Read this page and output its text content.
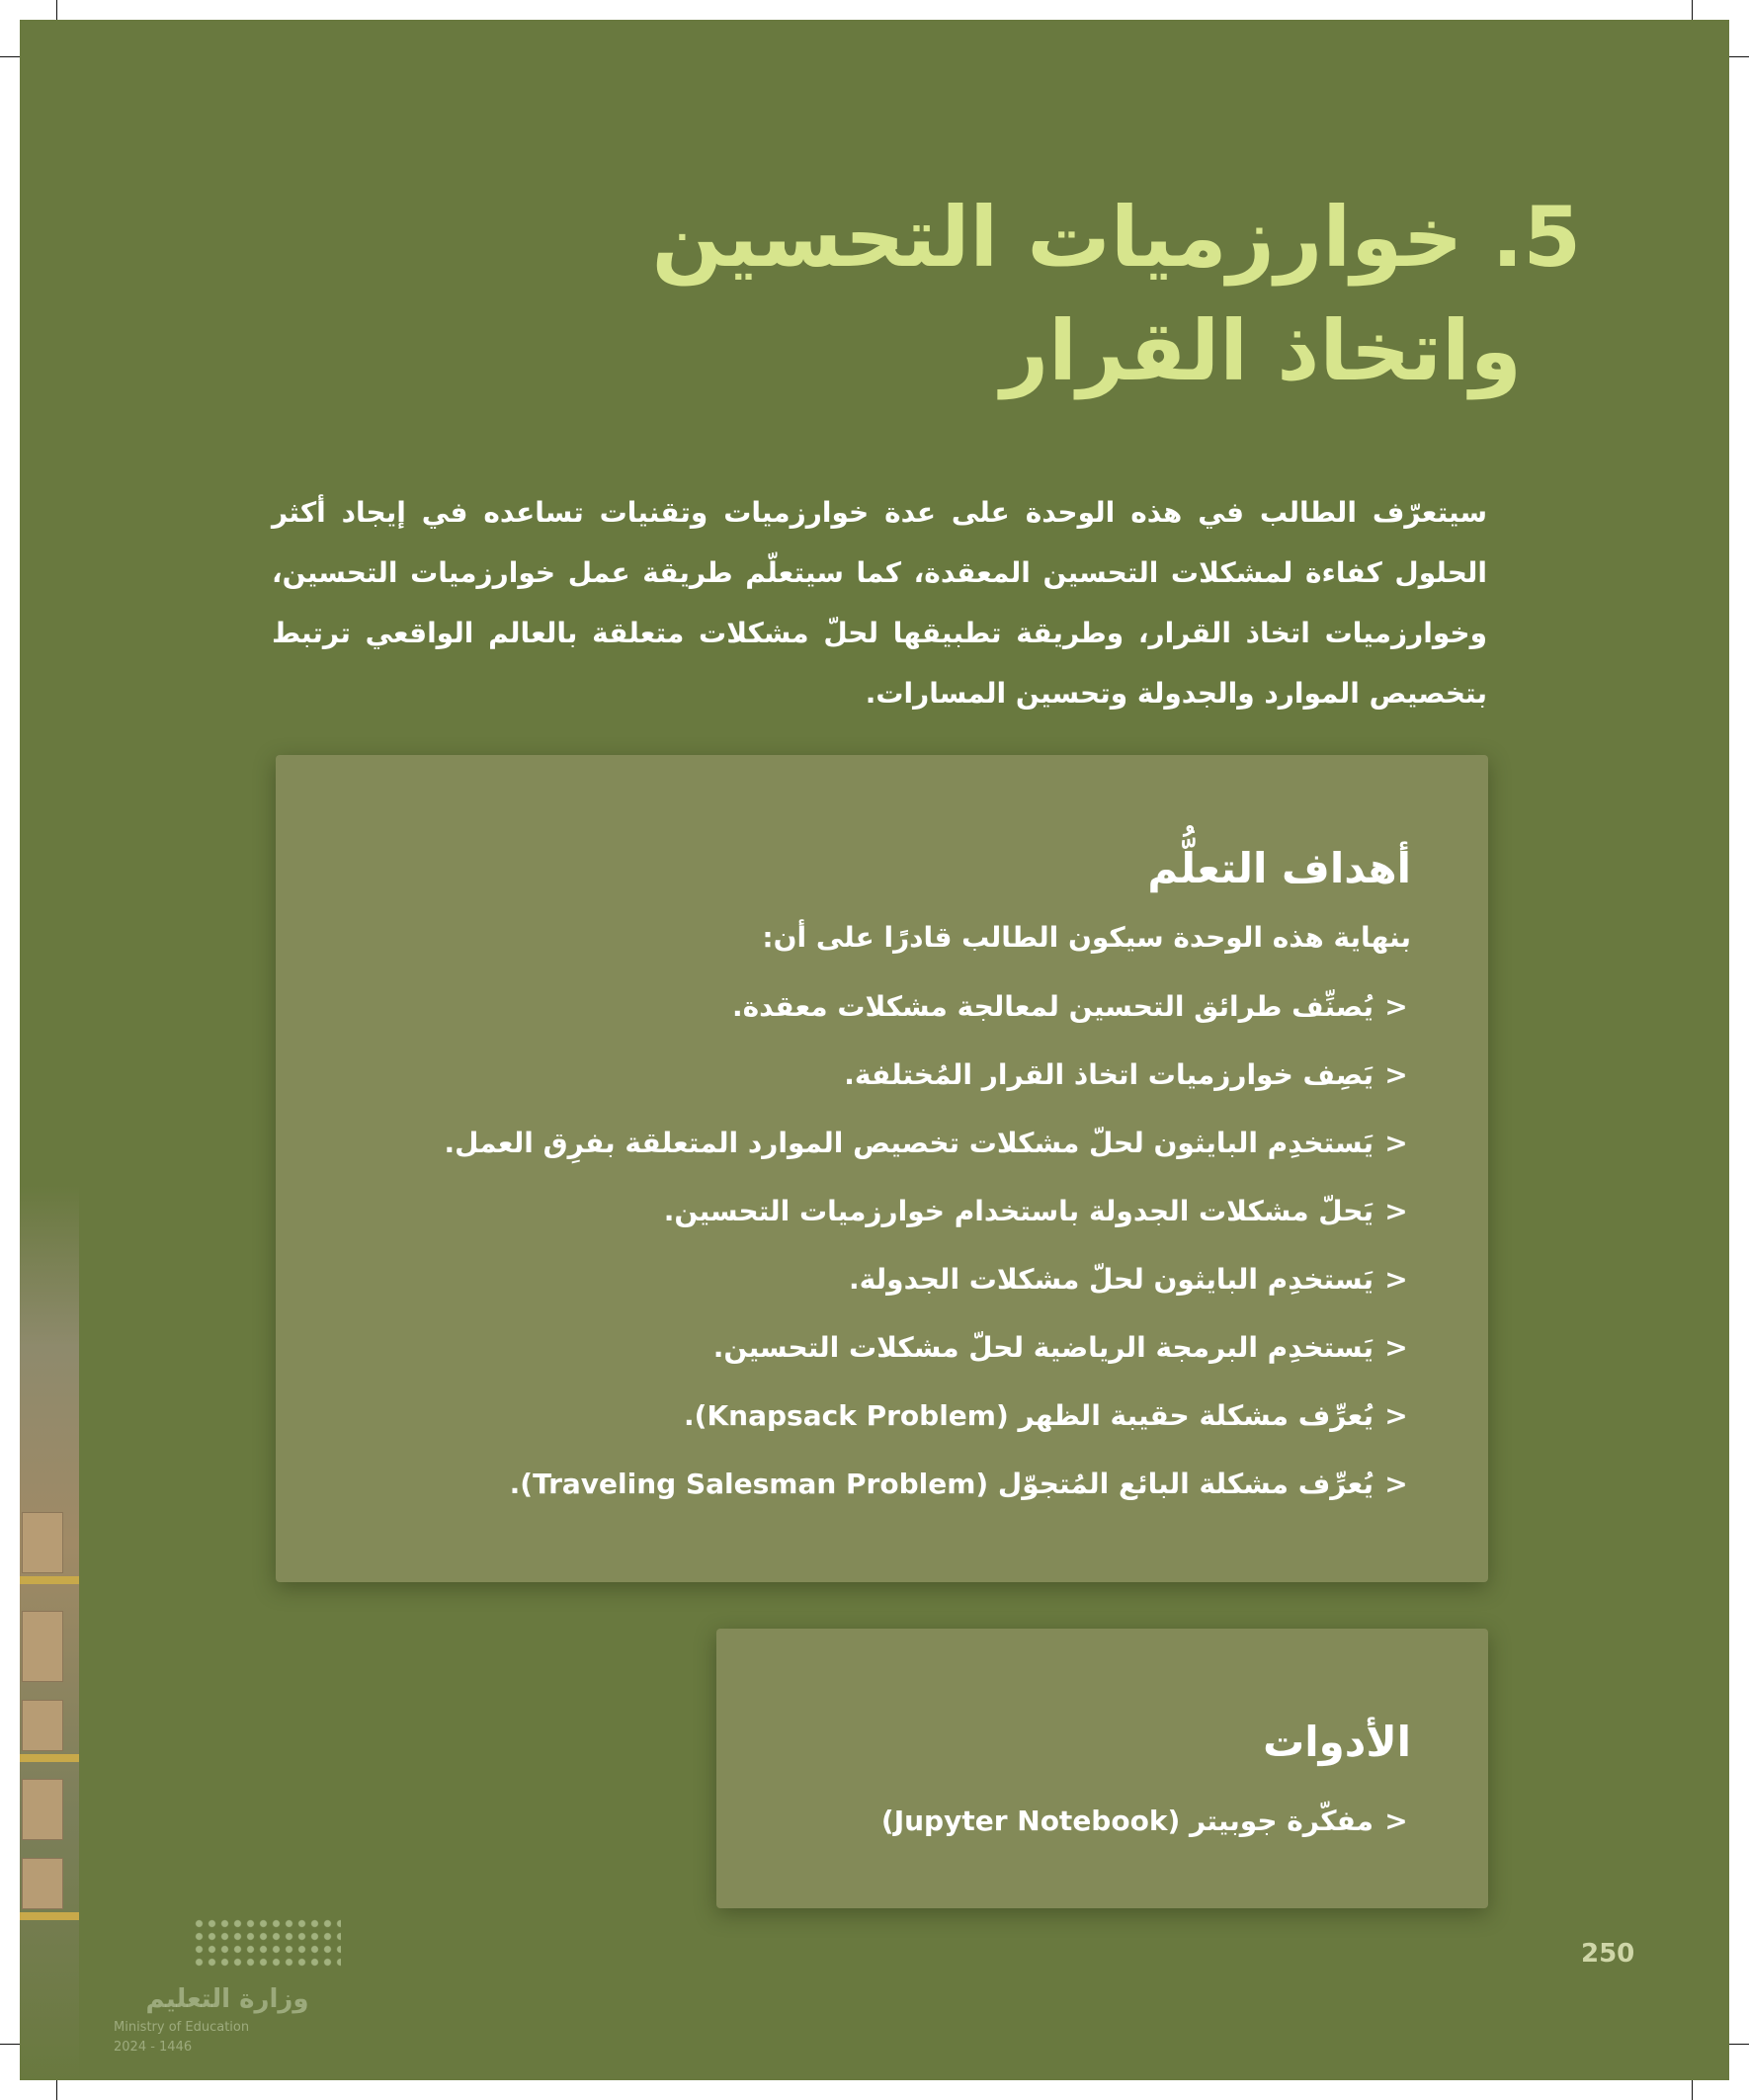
وزارة التعليم
Ministry of Education
2024 - 1446
5. خوارزميات التحسين
واتخاذ القرار

سيتعرّف الطالب في هذه الوحدة على عدة خوارزميات وتقنيات تساعده في إيجاد أكثر الحلول كفاءة لمشكلات التحسين المعقدة، كما سيتعلّم طريقة عمل خوارزميات التحسين، وخوارزميات اتخاذ القرار، وطريقة تطبيقها لحلّ مشكلات متعلقة بالعالم الواقعي ترتبط بتخصيص الموارد والجدولة وتحسين المسارات.

أهداف التعلُّم
بنهاية هذه الوحدة سيكون الطالب قادرًا على أن:
<يُصنِّف طرائق التحسين لمعالجة مشكلات معقدة.
<يَصِف خوارزميات اتخاذ القرار المُختلفة.
<يَستخدِم البايثون لحلّ مشكلات تخصيص الموارد المتعلقة بفرِق العمل.
<يَحلّ مشكلات الجدولة باستخدام خوارزميات التحسين.
<يَستخدِم البايثون لحلّ مشكلات الجدولة.
<يَستخدِم البرمجة الرياضية لحلّ مشكلات التحسين.
<يُعرِّف مشكلة حقيبة الظهر (Knapsack Problem).
<يُعرِّف مشكلة البائع المُتجوّل (Traveling Salesman Problem).
الأدوات
<مفكّرة جوبيتر (Jupyter Notebook)
250
